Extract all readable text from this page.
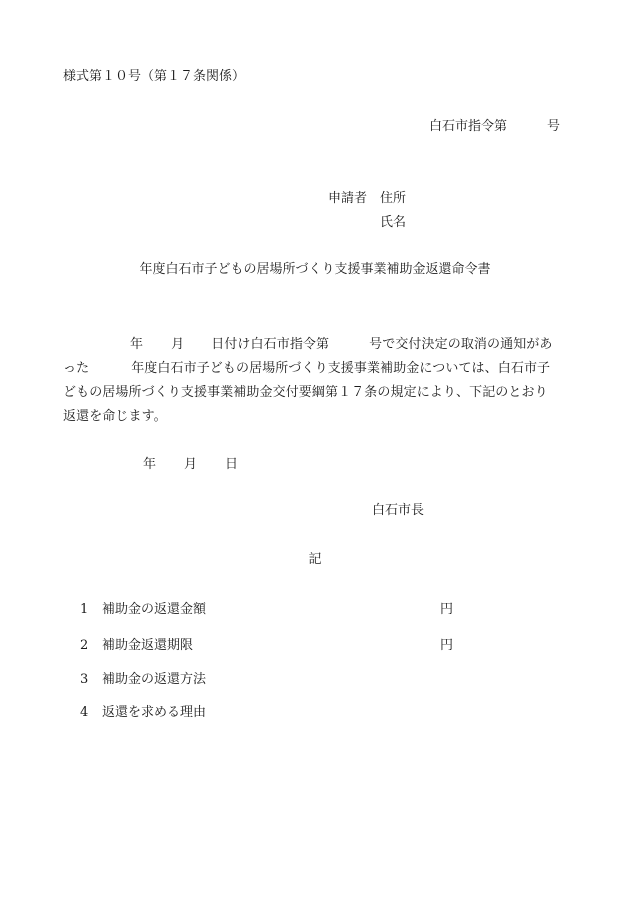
様式第１０号（第１７条関係）
白石市指令第	号
申請者 住所
氏名
年度白石市子どもの居場所づくり支援事業補助金返還命令書
年 月 日付け白石市指令第	号で交付決定の取消の通知があ
った	年度白石市子どもの居場所づくり支援事業補助金については、白石市子
どもの居場所づくり支援事業補助金交付要綱第１７条の規定により、下記のとおり
返還を命じます。
年 月 日
白石市長
記
1 補助金の返還金額	円
2 補助金返還期限	円
3 補助金の返還方法
4 返還を求める理由
